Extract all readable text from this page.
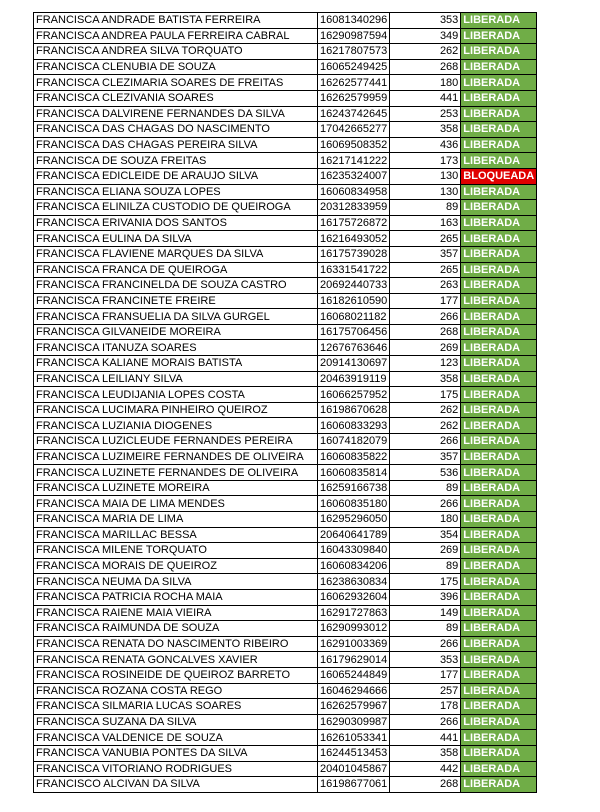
FRANCISCA ANDRADE BATISTA FERREIRA	16081340296	353	LIBERADA
FRANCISCA ANDREA PAULA FERREIRA CABRAL	16290987594	349	LIBERADA
FRANCISCA ANDREA SILVA TORQUATO	16217807573	262	LIBERADA
FRANCISCA CLENUBIA DE SOUZA	16065249425	268	LIBERADA
FRANCISCA CLEZIMARIA SOARES DE FREITAS	16262577441	180	LIBERADA
FRANCISCA CLEZIVANIA SOARES	16262579959	441	LIBERADA
FRANCISCA DALVIRENE FERNANDES DA SILVA	16243742645	253	LIBERADA
FRANCISCA DAS CHAGAS DO NASCIMENTO	17042665277	358	LIBERADA
FRANCISCA DAS CHAGAS PEREIRA SILVA	16069508352	436	LIBERADA
FRANCISCA DE SOUZA FREITAS	16217141222	173	LIBERADA
FRANCISCA EDICLEIDE DE ARAUJO SILVA	16235324007	130	BLOQUEADA
FRANCISCA ELIANA SOUZA LOPES	16060834958	130	LIBERADA
FRANCISCA ELINILZA CUSTODIO DE QUEIROGA	20312833959	89	LIBERADA
FRANCISCA ERIVANIA DOS SANTOS	16175726872	163	LIBERADA
FRANCISCA EULINA DA SILVA	16216493052	265	LIBERADA
FRANCISCA FLAVIENE MARQUES DA SILVA	16175739028	357	LIBERADA
FRANCISCA FRANCA DE QUEIROGA	16331541722	265	LIBERADA
FRANCISCA FRANCINELDA DE SOUZA CASTRO	20692440733	263	LIBERADA
FRANCISCA FRANCINETE FREIRE	16182610590	177	LIBERADA
FRANCISCA FRANSUELIA DA SILVA GURGEL	16068021182	266	LIBERADA
FRANCISCA GILVANEIDE MOREIRA	16175706456	268	LIBERADA
FRANCISCA ITANUZA SOARES	12676763646	269	LIBERADA
FRANCISCA KALIANE MORAIS BATISTA	20914130697	123	LIBERADA
FRANCISCA LEILIANY SILVA	20463919119	358	LIBERADA
FRANCISCA LEUDIJANIA LOPES COSTA	16066257952	175	LIBERADA
FRANCISCA LUCIMARA PINHEIRO QUEIROZ	16198670628	262	LIBERADA
FRANCISCA LUZIANIA DIOGENES	16060833293	262	LIBERADA
FRANCISCA LUZICLEUDE FERNANDES PEREIRA	16074182079	266	LIBERADA
FRANCISCA LUZIMEIRE FERNANDES DE OLIVEIRA	16060835822	357	LIBERADA
FRANCISCA LUZINETE FERNANDES DE OLIVEIRA	16060835814	536	LIBERADA
FRANCISCA LUZINETE MOREIRA	16259166738	89	LIBERADA
FRANCISCA MAIA DE LIMA MENDES	16060835180	266	LIBERADA
FRANCISCA MARIA DE LIMA	16295296050	180	LIBERADA
FRANCISCA MARILLAC BESSA	20640641789	354	LIBERADA
FRANCISCA MILENE TORQUATO	16043309840	269	LIBERADA
FRANCISCA MORAIS DE QUEIROZ	16060834206	89	LIBERADA
FRANCISCA NEUMA DA SILVA	16238630834	175	LIBERADA
FRANCISCA PATRICIA ROCHA MAIA	16062932604	396	LIBERADA
FRANCISCA RAIENE MAIA VIEIRA	16291727863	149	LIBERADA
FRANCISCA RAIMUNDA DE SOUZA	16290993012	89	LIBERADA
FRANCISCA RENATA DO NASCIMENTO RIBEIRO	16291003369	266	LIBERADA
FRANCISCA RENATA GONCALVES XAVIER	16179629014	353	LIBERADA
FRANCISCA ROSINEIDE DE QUEIROZ BARRETO	16065244849	177	LIBERADA
FRANCISCA ROZANA COSTA REGO	16046294666	257	LIBERADA
FRANCISCA SILMARIA LUCAS SOARES	16262579967	178	LIBERADA
FRANCISCA SUZANA DA SILVA	16290309987	266	LIBERADA
FRANCISCA VALDENICE DE SOUZA	16261053341	441	LIBERADA
FRANCISCA VANUBIA PONTES DA SILVA	16244513453	358	LIBERADA
FRANCISCA VITORIANO RODRIGUES	20401045867	442	LIBERADA
FRANCISCO ALCIVAN DA SILVA	16198677061	268	LIBERADA
